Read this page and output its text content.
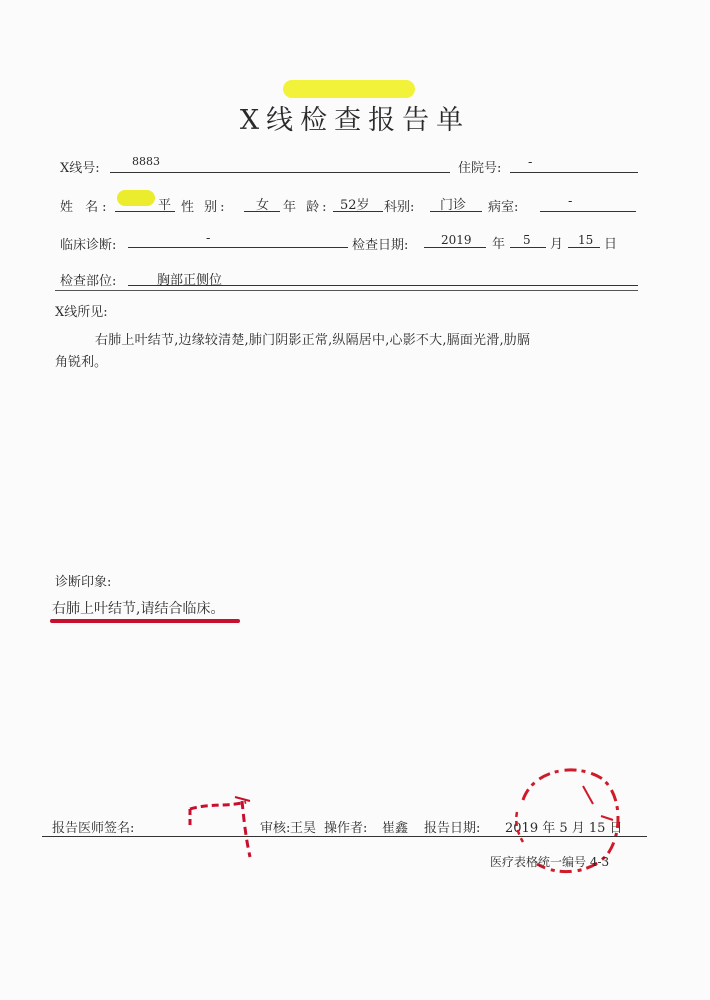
X线检查报告单
X线号:	8883	住院号: -
姓 名:	平 性 别: 女 年 龄: 52岁 科别: 门诊 病室:	-
临床诊断:	-	检查日期:	2019 年 5 月 15 日
检查部位:	胸部正侧位
X线所见:
右肺上叶结节,边缘较清楚,肺门阴影正常,纵隔居中,心影不大,膈面光滑,肋膈
角锐利。
诊断印象:
右肺上叶结节,请结合临床。
报告医师签名:	审核: 王昊 操作者: 崔鑫 报告日期: 2019 年 5 月 15 日
医疗表格统一编号 4-3
